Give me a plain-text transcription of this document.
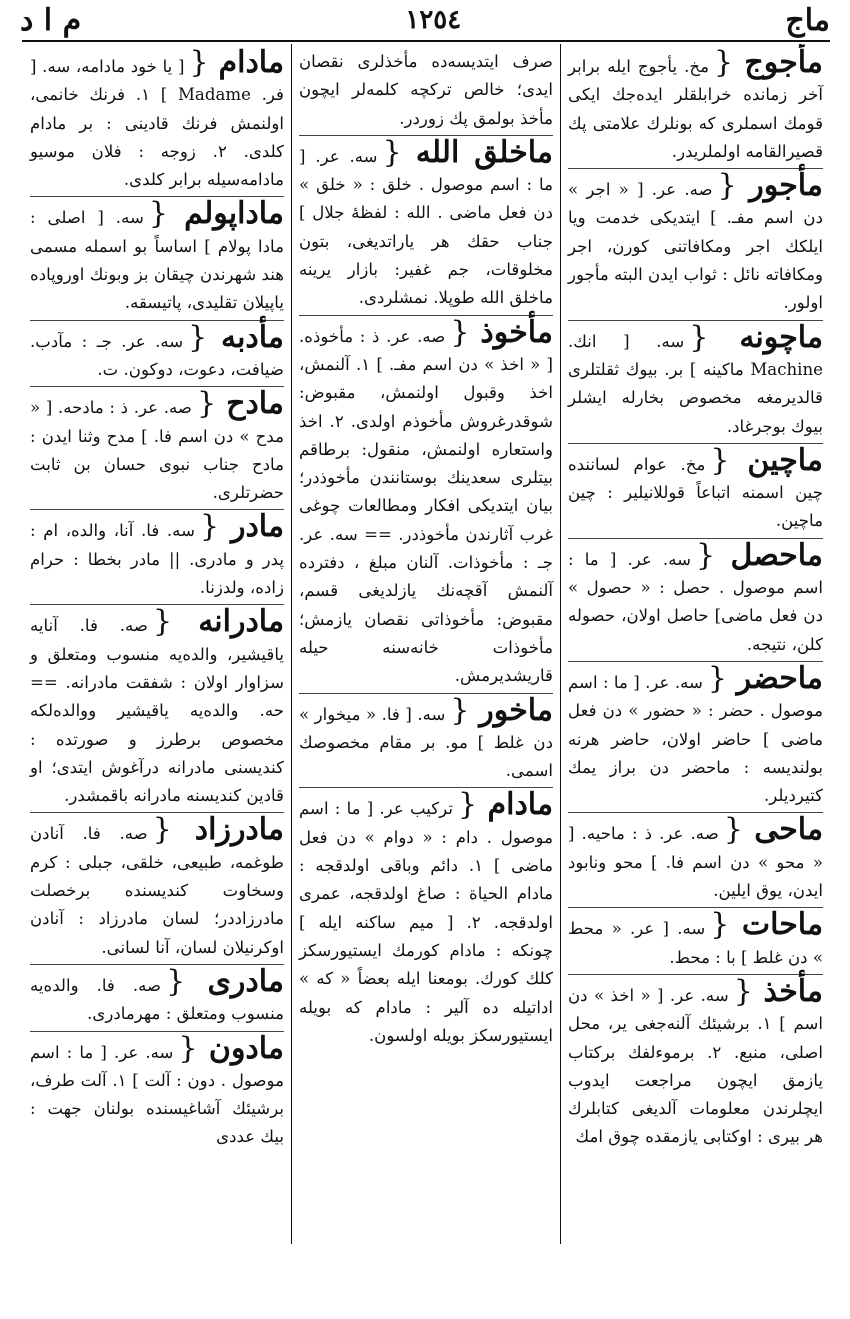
م ا د	١٢٥٤	ماج

مأجوج {مخ. يأجوج ايله برابر آخر زمانده خرابلقلر ايده‌جك ايكى قومك اسملرى كه بونلرك علامتى پك قصيرالقامه اولملريدر.

مأجور {صه. عر. [ « اجر » دن اسم مفـ. ] ايتديكى خدمت ويا ايلكك اجر ومكافاتنى كورن، اجر ومكافاته نائل : ثواب ايدن البته مأجور اولور.

ماچونه {سه. [ انك. Machine ماكينه ] بر. بيوك ثقلتلرى قالديرمغه مخصوص بخارله ايشلر بيوك بوجرغاد.

ماچين {مخ. عوام لساننده چين اسمنه اتباعاً قوللانيلير : چين ماچين.

ماحصل {سه. عر. [ ما : اسم موصول . حصل : « حصول » دن فعل ماضى] حاصل اولان، حصوله كلن، نتيجه.

ماحضر {سه. عر. [ ما : اسم موصول . حضر : « حضور » دن فعل ماضى ] حاضر اولان، حاضر هرنه بولنديسه : ماحضر دن براز يمك كتيرديلر.

ماحى {صه. عر. ذ : ماحيه. [ « محو » دن اسم فا. ] محو ونابود ايدن، يوق ايلين.

ماحات {سه. [ عر. « محط » دن غلط ] با : محط.

مأخذ {سه. عر. [ « اخذ » دن اسم ] ١. برشيئك آلنه‌جغى ير، محل اصلى، منبع. ٢. برموءلفك بركتاب يازمق ايچون مراجعت ايدوب ايچلرندن معلومات آلديغى كتابلرك هر بيرى : اوكتابى يازمقده چوق امك

صرف ايتديسه‌ده مأخذلرى نقصان ايدى؛ خالص تركچه كلمه‌لر ايچون مأخذ بولمق پك زوردر.

ماخلق الله {سه. عر. [ ما : اسم موصول . خلق : « خلق » دن فعل ماضى . الله : لفظهٔ جلال ] جناب حقك هر ياراتديغى، بتون مخلوقات، جم غفير: بازار يرينه ماخلق الله طوپلا. نمشلردى.

مأخوذ {صه. عر. ذ : مأخوذه. [ « اخذ » دن اسم مفـ. ] ١. آلنمش، اخذ وقبول اولنمش، مقبوض: شوقدرغروش مأخوذم اولدى. ٢. اخذ واستعاره اولنمش، منقول: برطاقم بيتلرى سعدينك بوستانندن مأخوذدر؛ بيان ايتديكى افكار ومطالعات چوغى غرب آثارندن مأخوذدر. == سه. عر. جـ : مأخوذات. آلنان مبلغ ، دفترده آلنمش آقچه‌نك يازلديغى قسم، مقبوض: مأخوذاتى نقصان يازمش؛ مأخوذات خانه‌سنه حيله قاريشديرمش.

ماخور {سه. [ فا. « ميخوار » دن غلط ] مو. بر مقام مخصوصك اسمى.

مادام {تركيب عر. [ ما : اسم موصول . دام : « دوام » دن فعل ماضى ] ١. دائم وباقى اولدقجه : مادام الحياة : صاغ اولدقجه، عمرى اولدقجه. ٢. [ ميم ساكنه ايله ] چونكه : مادام كورمك ايستيورسكز كلك كورك. بومعنا ايله بعضاً « كه » اداتيله ده آلير : مادام كه بويله ايستيورسكز بويله اولسون.

مادام {[ يا خود مادامه، سه. [ فر. Madame ] ١. فرنك خانمى، اولنمش فرنك قادينى : بر مادام كلدى. ٢. زوجه : فلان موسيو مادامه‌سيله برابر كلدى.

ماداپولم {سه. [ اصلى : مادا پولام ] اساساً بو اسمله مسمى هند شهرندن چيقان بز وبونك اوروپاده ياپيلان تقليدى، پاتيسقه.

مأدبه {سه. عر. جـ : مآدب. ضيافت، دعوت، دوكون. ت.

مادح {صه. عر. ذ : مادحه. [ « مدح » دن اسم فا. ] مدح وثنا ايدن : مادح جناب نبوى حسان بن ثابت حضرتلرى.

مادر {سه. فا. آنا، والده، ام : پدر و مادرى. || مادر بخطا : حرام زاده، ولدزنا.

مادرانه {صه. فا. آنايه ياقيشير، والده‌يه منسوب ومتعلق و سزاوار اولان : شفقت مادرانه. == حه. والده‌يه ياقيشير ووالده‌لكه مخصوص برطرز و صورتده : كنديسنى مادرانه درآغوش ايتدى؛ او قادين كنديسنه مادرانه باقمشدر.

مادرزاد {صه. فا. آنادن طوغمه، طبيعى، خلقى، جبلى : كرم وسخاوت كنديسنده برخصلت مادرزاددر؛ لسان مادرزاد : آنادن اوكرنيلان لسان، آنا لسانى.

مادرى {صه. فا. والده‌يه منسوب ومتعلق : مهرمادرى.

مادون {سه. عر. [ ما : اسم موصول . دون : آلت ] ١. آلت طرف، برشيئك آشاغيسنده بولنان جهت : بيك عددى
